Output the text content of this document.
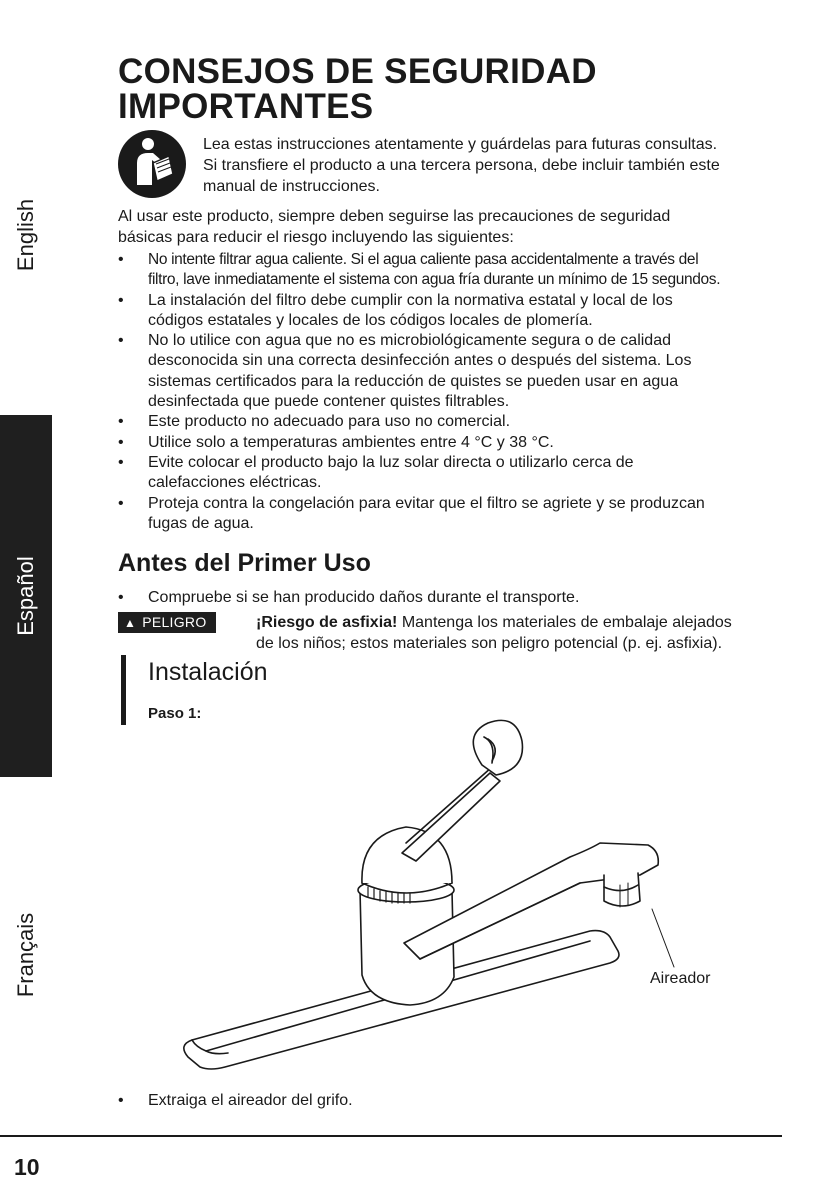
English
Español
Français
CONSEJOS DE SEGURIDAD
IMPORTANTES
Lea estas instrucciones atentamente y guárdelas para futuras consultas.
Si transfiere el producto a una tercera persona, debe incluir también este
manual de instrucciones.
Al usar este producto, siempre deben seguirse las precauciones de seguridad
básicas para reducir el riesgo incluyendo las siguientes:
• No intente filtrar agua caliente. Si el agua caliente pasa accidentalmente a través del
filtro, lave inmediatamente el sistema con agua fría durante un mínimo de 15 segundos.
• La instalación del filtro debe cumplir con la normativa estatal y local de los
códigos estatales y locales de los códigos locales de plomería.
• No lo utilice con agua que no es microbiológicamente segura o de calidad
desconocida sin una correcta desinfección antes o después del sistema. Los
sistemas certificados para la reducción de quistes se pueden usar en agua
desinfectada que puede contener quistes filtrables.
• Este producto no adecuado para uso no comercial.
• Utilice solo a temperaturas ambientes entre 4 °C y 38 °C.
• Evite colocar el producto bajo la luz solar directa o utilizarlo cerca de
calefacciones eléctricas.
• Proteja contra la congelación para evitar que el filtro se agriete y se produzcan
fugas de agua.
Antes del Primer Uso
• Compruebe si se han producido daños durante el transporte.
▲ PELIGRO	¡Riesgo de asfixia! Mantenga los materiales de embalaje alejados
de los niños; estos materiales son peligro potencial (p. ej. asfixia).
Instalación
Paso 1:
Aireador
• Extraiga el aireador del grifo.
10
